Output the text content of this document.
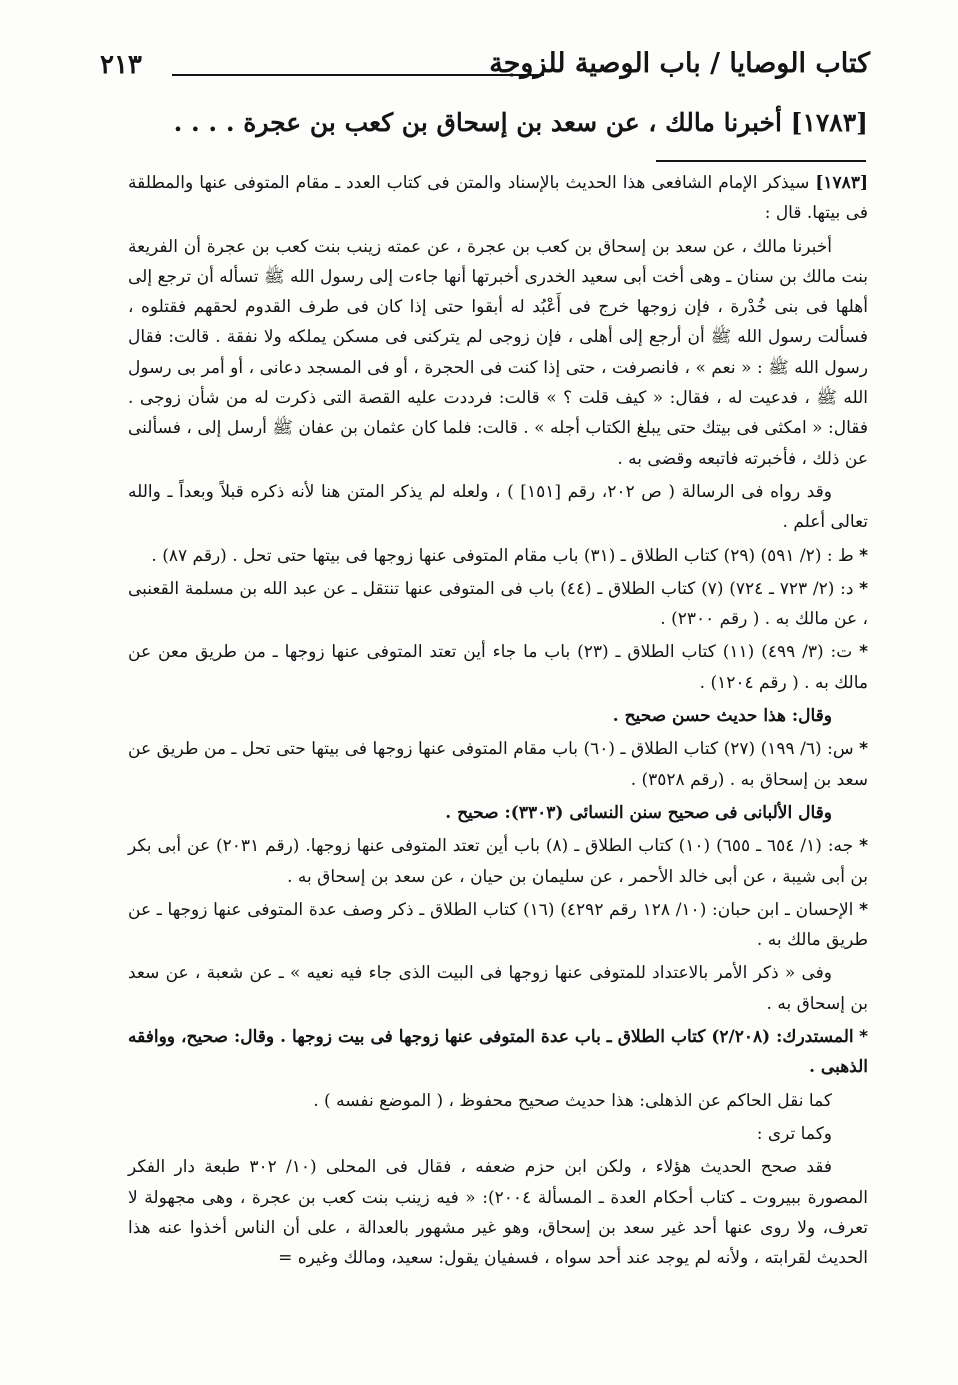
كتاب الوصايا / باب الوصية للزوجة
٢١٣
[١٧٨٣] أخبرنا مالك ، عن سعد بن إسحاق بن كعب بن عجرة . . . .

[١٧٨٣] سيذكر الإمام الشافعى هذا الحديث بالإسناد والمتن فى كتاب العدد ـ مقام المتوفى عنها والمطلقة فى بيتها. قال :

أخبرنا مالك ، عن سعد بن إسحاق بن كعب بن عجرة ، عن عمته زينب بنت كعب بن عجرة أن الفريعة بنت مالك بن سنان ـ وهى أخت أبى سعيد الخدرى أخبرتها أنها جاءت إلى رسول الله ﷺ تسأله أن ترجع إلى أهلها فى بنى خُدْرة ، فإن زوجها خرج فى أَعْبُد له أبقوا حتى إذا كان فى طرف القدوم لحقهم فقتلوه ، فسألت رسول الله ﷺ أن أرجع إلى أهلى ، فإن زوجى لم يتركنى فى مسكن يملكه ولا نفقة . قالت: فقال رسول الله ﷺ : « نعم » ، فانصرفت ، حتى إذا كنت فى الحجرة ، أو فى المسجد دعانى ، أو أمر بى رسول الله ﷺ ، فدعيت له ، فقال: « كيف قلت ؟ » قالت: فرددت عليه القصة التى ذكرت له من شأن زوجى . فقال: « امكثى فى بيتك حتى يبلغ الكتاب أجله » . قالت: فلما كان عثمان بن عفان ﷺ أرسل إلى ، فسألنى عن ذلك ، فأخبرته فاتبعه وقضى به .

وقد رواه فى الرسالة ( ص ٢٠٢، رقم [١٥١] ) ، ولعله لم يذكر المتن هنا لأنه ذكره قبلاً وبعداً ـ والله تعالى أعلم .

* ط : (٢/ ٥٩١) (٢٩) كتاب الطلاق ـ (٣١) باب مقام المتوفى عنها زوجها فى بيتها حتى تحل . (رقم ٨٧) .

* د: (٢/ ٧٢٣ ـ ٧٢٤) (٧) كتاب الطلاق ـ (٤٤) باب فى المتوفى عنها تنتقل ـ عن عبد الله بن مسلمة القعنبى ، عن مالك به . ( رقم ٢٣٠٠) .

* ت: (٣/ ٤٩٩) (١١) كتاب الطلاق ـ (٢٣) باب ما جاء أين تعتد المتوفى عنها زوجها ـ من طريق معن عن مالك به . ( رقم ١٢٠٤) .

وقال: هذا حديث حسن صحيح .

* س: (٦/ ١٩٩) (٢٧) كتاب الطلاق ـ (٦٠) باب مقام المتوفى عنها زوجها فى بيتها حتى تحل ـ من طريق عن سعد بن إسحاق به . (رقم ٣٥٢٨) .

وقال الألبانى فى صحيح سنن النسائى (٣٣٠٣): صحيح .

* جه: (١/ ٦٥٤ ـ ٦٥٥) (١٠) كتاب الطلاق ـ (٨) باب أين تعتد المتوفى عنها زوجها. (رقم ٢٠٣١) عن أبى بكر بن أبى شيبة ، عن أبى خالد الأحمر ، عن سليمان بن حيان ، عن سعد بن إسحاق به .

* الإحسان ـ ابن حبان: (١٠/ ١٢٨ رقم ٤٢٩٢) (١٦) كتاب الطلاق ـ ذكر وصف عدة المتوفى عنها زوجها ـ عن طريق مالك به .

وفى « ذكر الأمر بالاعتداد للمتوفى عنها زوجها فى البيت الذى جاء فيه نعيه » ـ عن شعبة ، عن سعد بن إسحاق به .

* المستدرك: (٢/٢٠٨) كتاب الطلاق ـ باب عدة المتوفى عنها زوجها فى بيت زوجها . وقال: صحيح، ووافقه الذهبى .

كما نقل الحاكم عن الذهلى: هذا حديث صحيح محفوظ ، ( الموضع نفسه ) .

وكما ترى :

فقد صحح الحديث هؤلاء ، ولكن ابن حزم ضعفه ، فقال فى المحلى (١٠/ ٣٠٢ طبعة دار الفكر المصورة ببيروت ـ كتاب أحكام العدة ـ المسألة ٢٠٠٤): « فيه زينب بنت كعب بن عجرة ، وهى مجهولة لا تعرف، ولا روى عنها أحد غير سعد بن إسحاق، وهو غير مشهور بالعدالة ، على أن الناس أخذوا عنه هذا الحديث لقرابته ، ولأنه لم يوجد عند أحد سواه ، فسفيان يقول: سعيد، ومالك وغيره =
